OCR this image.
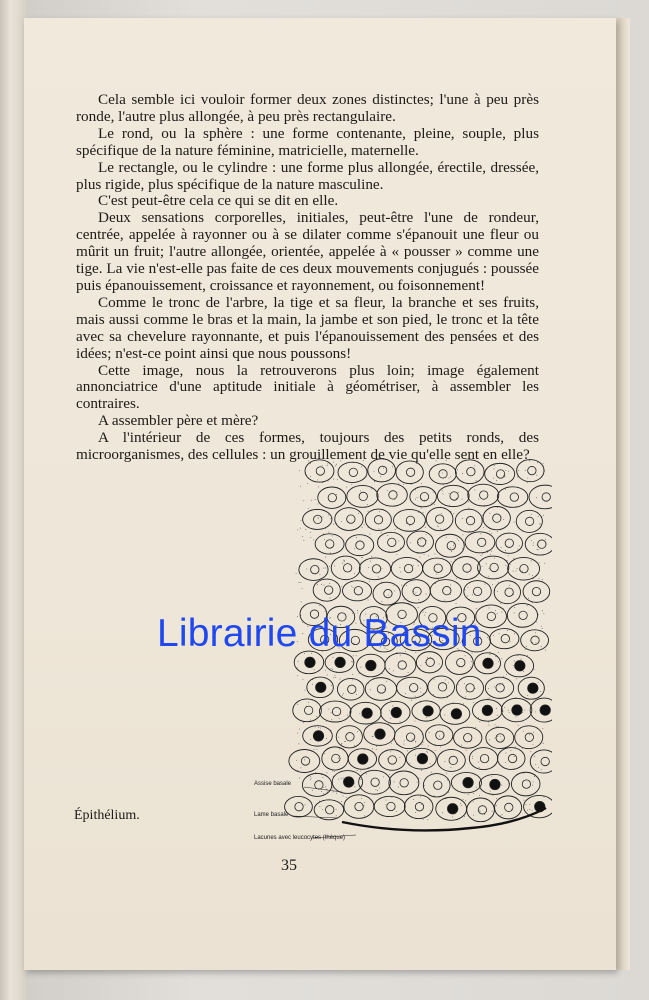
Cela semble ici vouloir former deux zones distinctes; l'une à peu près ronde, l'autre plus allongée, à peu près rectangulaire.

Le rond, ou la sphère : une forme contenante, pleine, souple, plus spécifique de la nature féminine, matricielle, maternelle.

Le rectangle, ou le cylindre : une forme plus allongée, érectile, dressée, plus rigide, plus spécifique de la nature masculine.

C'est peut-être cela ce qui se dit en elle.

Deux sensations corporelles, initiales, peut-être l'une de rondeur, centrée, appelée à rayonner ou à se dilater comme s'épanouit une fleur ou mûrit un fruit; l'autre allongée, orientée, appelée à « pousser » comme une tige. La vie n'est-elle pas faite de ces deux mouvements conjugués : poussée puis épanouissement, croissance et rayonnement, ou foisonnement!

Comme le tronc de l'arbre, la tige et sa fleur, la branche et ses fruits, mais aussi comme le bras et la main, la jambe et son pied, le tronc et la tête avec sa chevelure rayonnante, et puis l'épanouissement des pensées et des idées; n'est-ce point ainsi que nous poussons!

Cette image, nous la retrouverons plus loin; image également annonciatrice d'une aptitude initiale à géométriser, à assembler les contraires.

A assembler père et mère?

A l'intérieur de ces formes, toujours des petits ronds, des microorganismes, des cellules : un grouillement de vie qu'elle sent en elle?

Assise basale
Lame basale
Lacunes avec leucocytes (thèque)
Librairie du Bassin
Épithélium.
35
